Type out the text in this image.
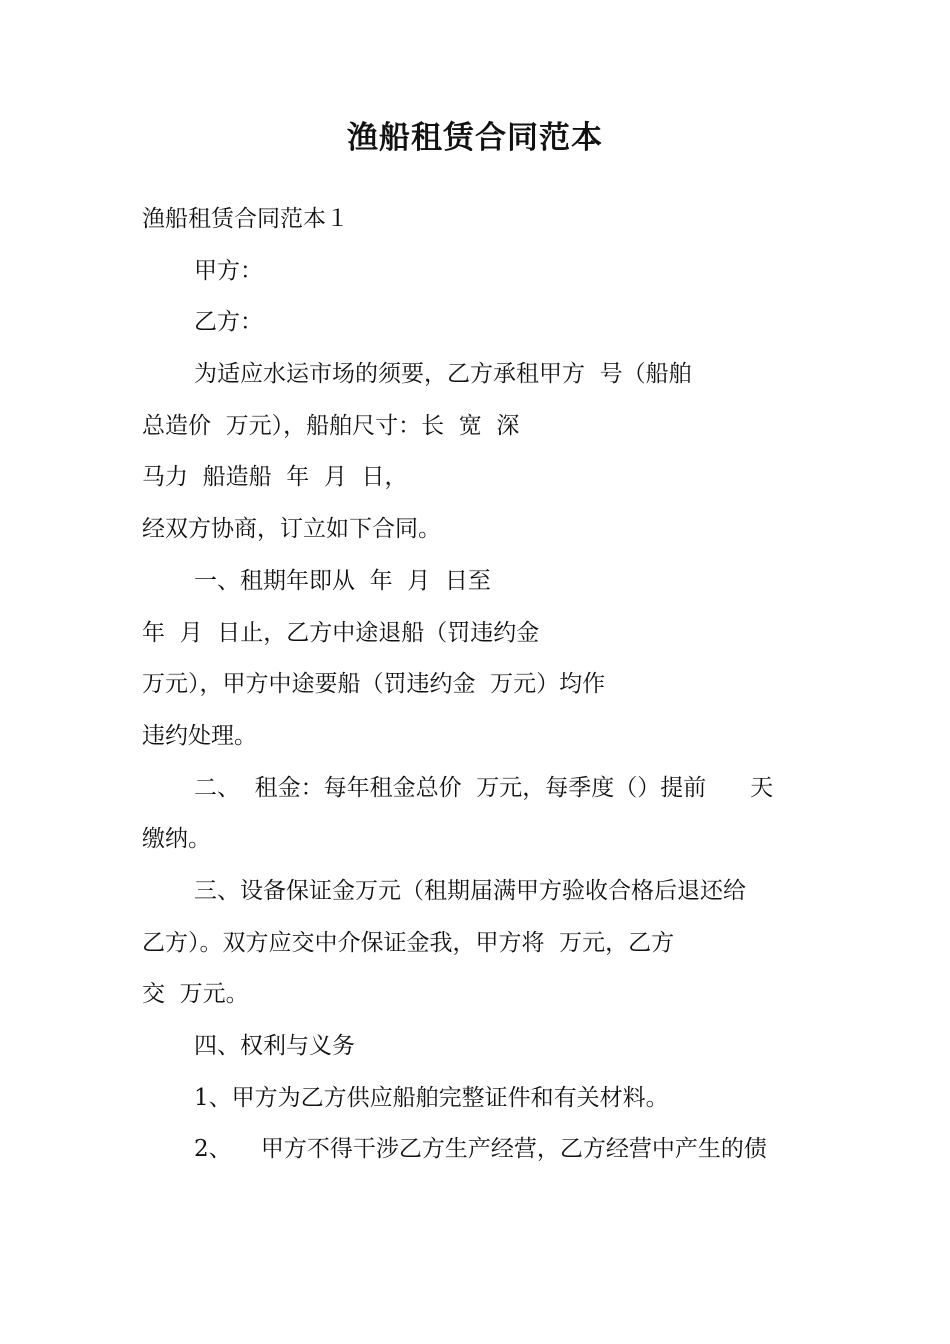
渔船租赁合同范本
渔船租赁合同范本１
甲方：
乙方：
为适应水运市场的须要，乙方承租甲方  号（船舶
总造价  万元），船舶尺寸：长  宽  深
马力  船造船  年  月  日，
经双方协商，订立如下合同。
一、租期年即从  年  月  日至
年  月  日止，乙方中途退船（罚违约金
万元），甲方中途要船（罚违约金  万元）均作
违约处理。
二、  租金：每年租金总价  万元，每季度（）提前      天
缴纳。
三、设备保证金万元（租期届满甲方验收合格后退还给
乙方）。双方应交中介保证金我，甲方将  万元，乙方
交  万元。
四、权利与义务
1、甲方为乙方供应船舶完整证件和有关材料。
2、    甲方不得干涉乙方生产经营，乙方经营中产生的债
